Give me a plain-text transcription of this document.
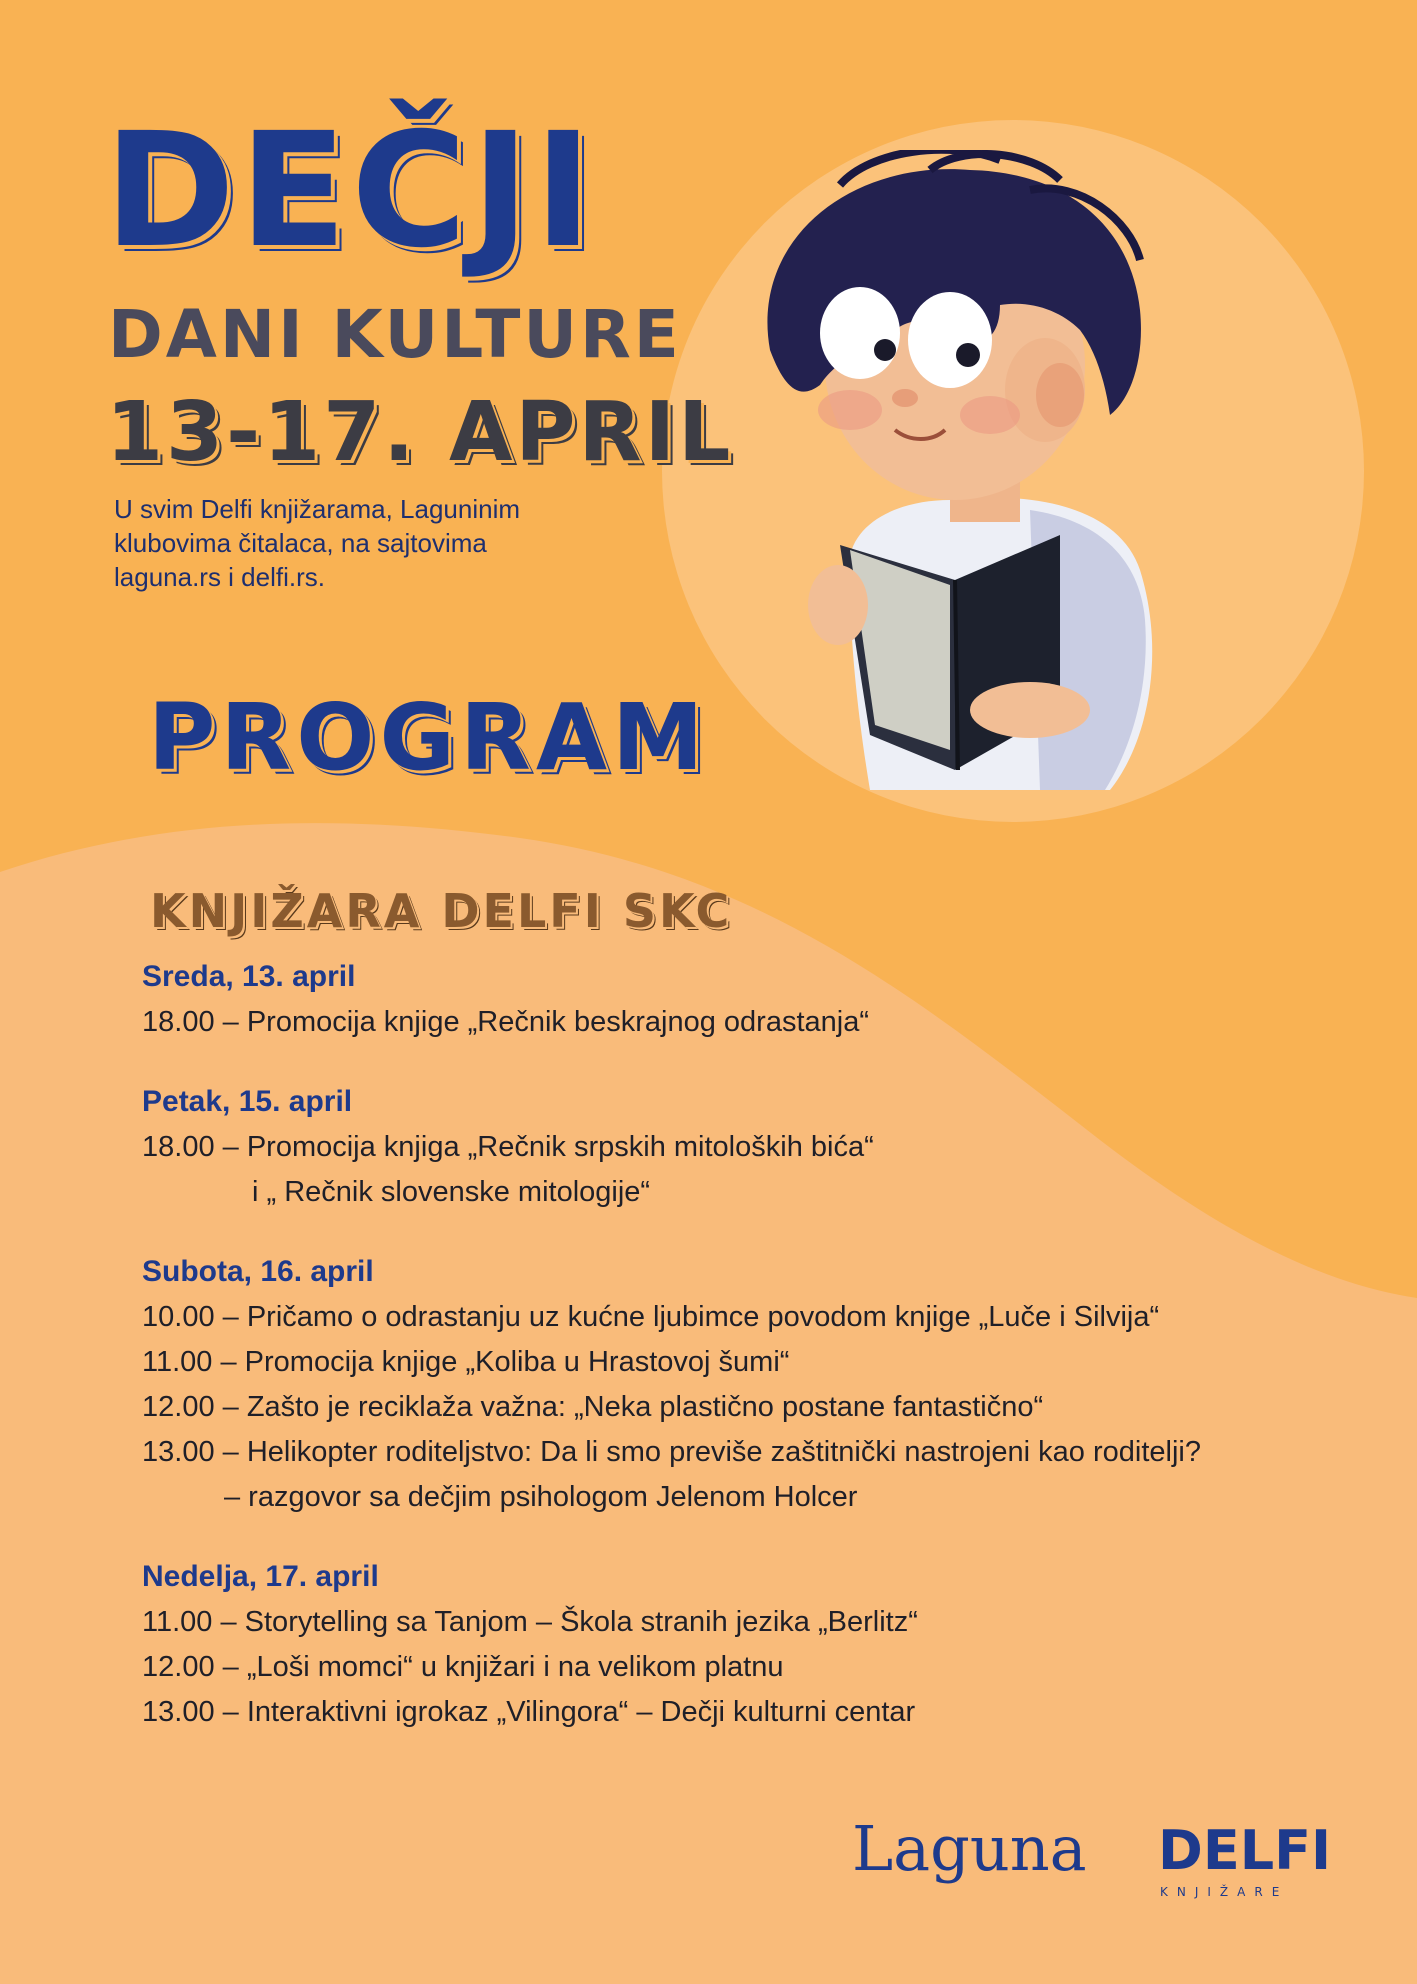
DEČJI
DANI KULTURE
13-17. APRIL

U svim Delfi knjižarama, Laguninim klubovima čitalaca, na sajtovima laguna.rs i delfi.rs.

PROGRAM
KNJIŽARA DELFI SKC
Sreda, 13. april
18.00 – Promocija knjige „Rečnik beskrajnog odrastanja“
Petak, 15. april
18.00 – Promocija knjiga „Rečnik srpskih mitoloških bića“
i „ Rečnik slovenske mitologije“
Subota, 16. april
10.00 – Pričamo o odrastanju uz kućne ljubimce povodom knjige „Luče i Silvija“
11.00 – Promocija knjige „Koliba u Hrastovoj šumi“
12.00 – Zašto je reciklaža važna: „Neka plastično postane fantastično“
13.00 – Helikopter roditeljstvo: Da li smo previše zaštitnički nastrojeni kao roditelji?
– razgovor sa dečjim psihologom Jelenom Holcer
Nedelja, 17. april
11.00 – Storytelling sa Tanjom – Škola stranih jezika „Berlitz“
12.00 – „Loši momci“ u knjižari i na velikom platnu
13.00 – Interaktivni igrokaz „Vilingora“ – Dečji kulturni centar
Laguna DELFI
KNJIŽARE
